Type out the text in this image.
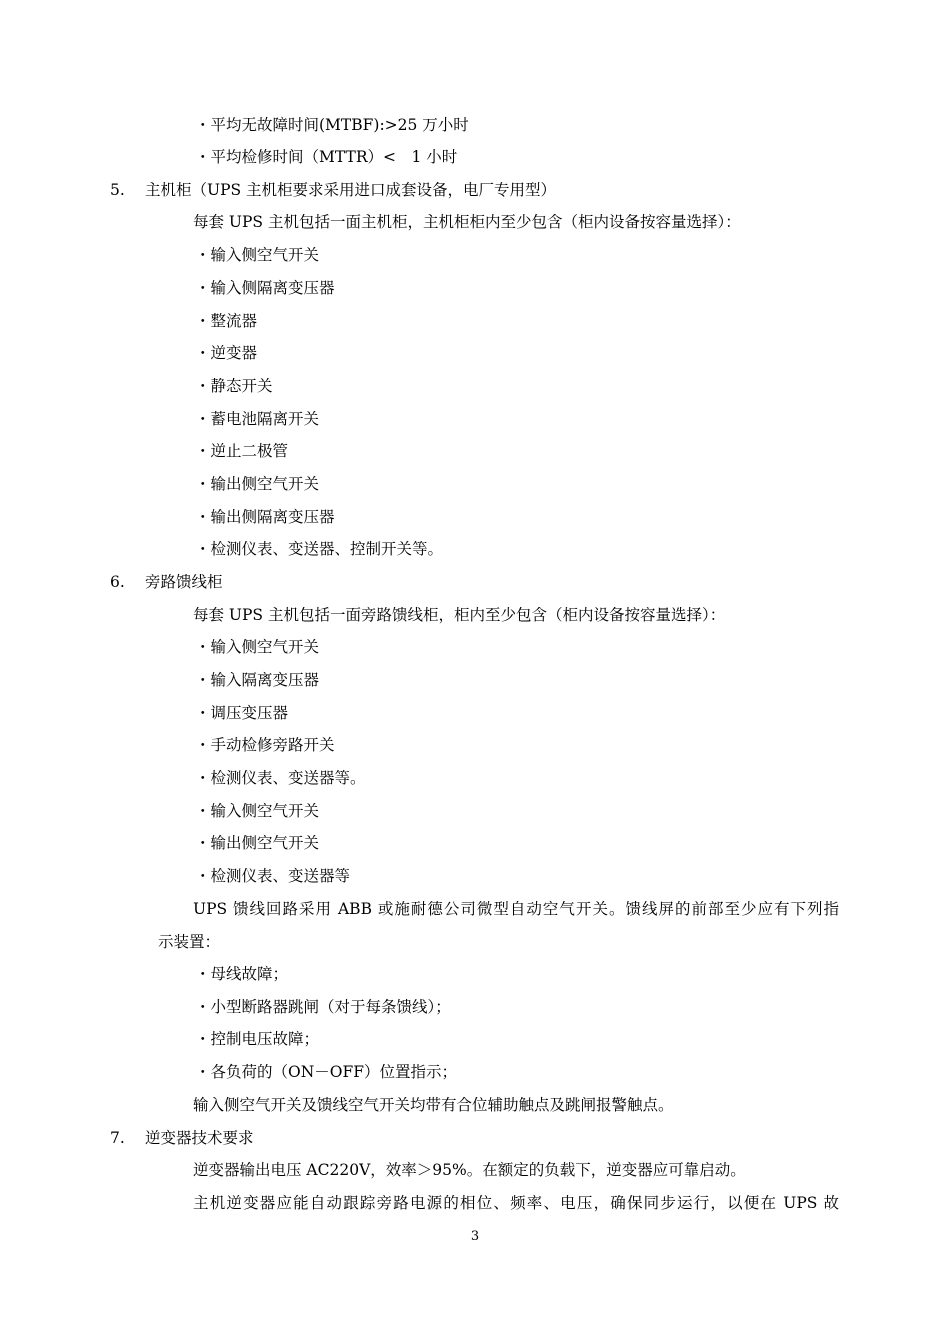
・平均无故障时间(MTBF):>25 万小时
・平均检修时间（MTTR）<　1 小时
5. 主机柜（UPS 主机柜要求采用进口成套设备，电厂专用型）
每套 UPS 主机包括一面主机柜，主机柜柜内至少包含（柜内设备按容量选择）：
・输入侧空气开关
・输入侧隔离变压器
・整流器
・逆变器
・静态开关
・蓄电池隔离开关
・逆止二极管
・输出侧空气开关
・输出侧隔离变压器
・检测仪表、变送器、控制开关等。
6. 旁路馈线柜
每套 UPS 主机包括一面旁路馈线柜，柜内至少包含（柜内设备按容量选择）：
・输入侧空气开关
・输入隔离变压器
・调压变压器
・手动检修旁路开关
・检测仪表、变送器等。
・输入侧空气开关
・输出侧空气开关
・检测仪表、变送器等
UPS 馈线回路采用 ABB 或施耐德公司微型自动空气开关。馈线屏的前部至少应有下列指
示装置：
・母线故障；
・小型断路器跳闸（对于每条馈线）；
・控制电压故障；
・各负荷的（ON－OFF）位置指示；
输入侧空气开关及馈线空气开关均带有合位辅助触点及跳闸报警触点。
7. 逆变器技术要求
逆变器输出电压 AC220V，效率＞95%。在额定的负载下，逆变器应可靠启动。
主机逆变器应能自动跟踪旁路电源的相位、频率、电压，确保同步运行，以便在 UPS 故
3
